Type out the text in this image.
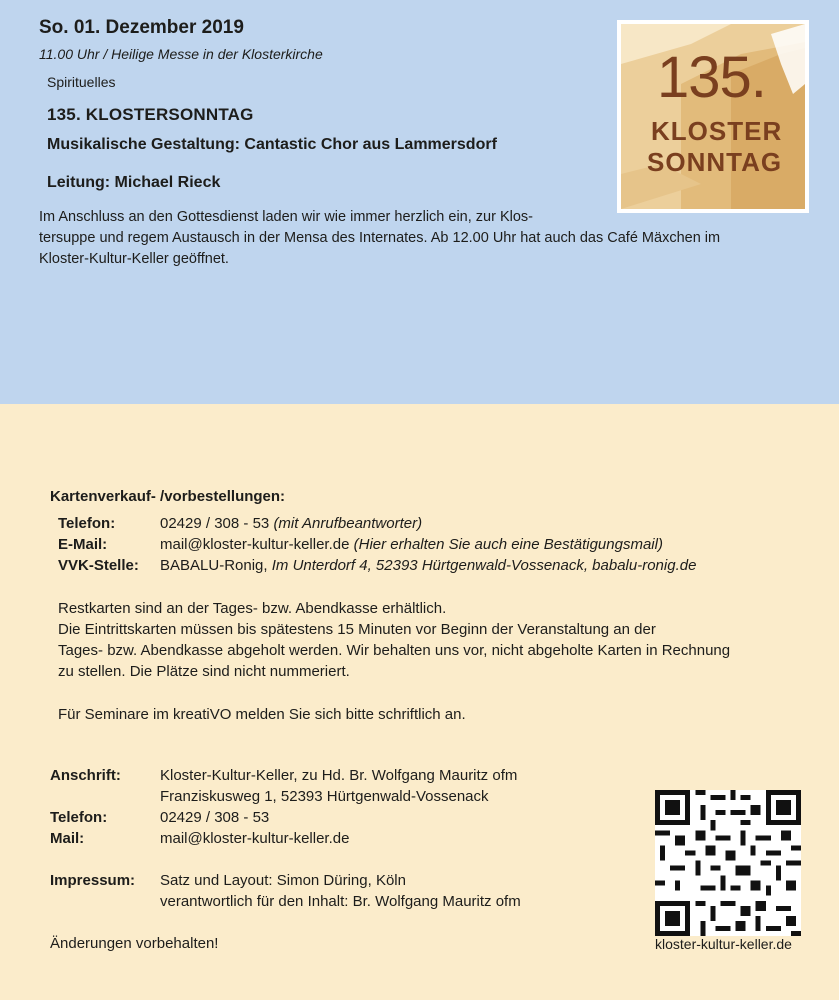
So. 01. Dezember 2019
11.00 Uhr / Heilige Messe in der Klosterkirche
Spirituelles
135. KLOSTERSONNTAG
Musikalische Gestaltung: Cantastic Chor aus Lammersdorf
Leitung: Michael Rieck
Im Anschluss an den Gottesdienst laden wir wie immer herzlich ein, zur Klos-
tersuppe und regem Austausch in der Mensa des Internates. Ab 12.00 Uhr hat auch das Café Mäxchen im
Kloster-Kultur-Keller geöffnet.
135.
KLOSTER
SONNTAG
Kartenverkauf- /vorbestellungen:
Telefon:	02429 / 308 - 53 (mit Anrufbeantworter)
E-Mail:	mail@kloster-kultur-keller.de (Hier erhalten Sie auch eine Bestätigungsmail)
VVK-Stelle: BABALU-Ronig, Im Unterdorf 4, 52393 Hürtgenwald-Vossenack, babalu-ronig.de
Restkarten sind an der Tages- bzw. Abendkasse erhältlich.
Die Eintrittskarten müssen bis spätestens 15 Minuten vor Beginn der Veranstaltung an der
Tages- bzw. Abendkasse abgeholt werden. Wir behalten uns vor, nicht abgeholte Karten in Rechnung
zu stellen. Die Plätze sind nicht nummeriert.
Für Seminare im kreatiVO melden Sie sich bitte schriftlich an.
Anschrift:	Kloster-Kultur-Keller, zu Hd. Br. Wolfgang Mauritz ofm
Franziskusweg 1, 52393 Hürtgenwald-Vossenack
Telefon:	02429 / 308 - 53
Mail:	mail@kloster-kultur-keller.de
Impressum: Satz und Layout: Simon Düring, Köln
verantwortlich für den Inhalt: Br. Wolfgang Mauritz ofm
Änderungen vorbehalten!	kloster-kultur-keller.de
